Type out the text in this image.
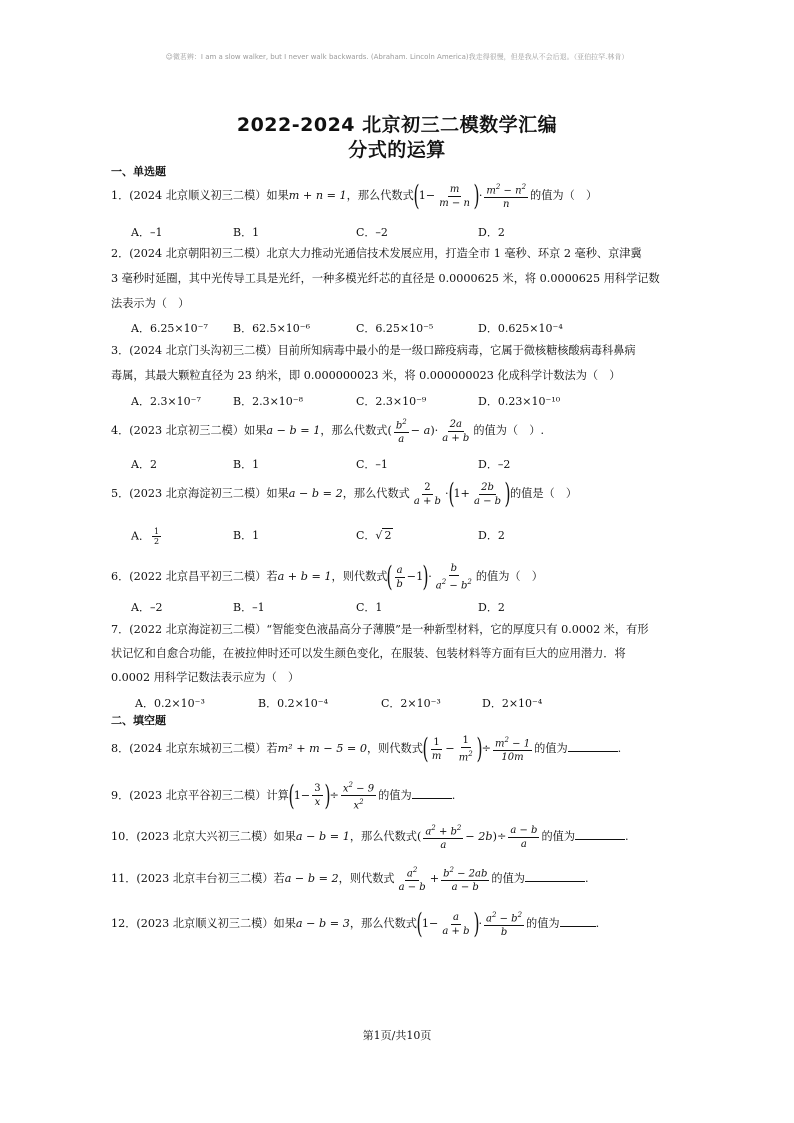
☺微茗辨：I am a slow walker, but I never walk backwards. (Abraham. Lincoln America)我走得很慢，但是我从不会后退。（亚伯拉罕.林肯）
2022-2024 北京初三二模数学汇编
分式的运算
一、单选题
1．(2024 北京顺义初三二模）如果m + n = 1，那么代数式($1- \frac{m}{m - n}$ )· $\frac{m^2 - n^2}{n}$ 的值为（　）
A．–1	B．1	C．–2	D．2
2．(2024 北京朝阳初三二模）北京大力推动光通信技术发展应用，打造全市 1 毫秒、环京 2 毫秒、京津冀
3 毫秒时延圈，其中光传导工具是光纤，一种多模光纤芯的直径是 0.0000625 米，将 0.0000625 用科学记数
法表示为（　）
A．6.25×10⁻⁷ B．62.5×10⁻⁶	C．6.25×10⁻⁵	D．0.625×10⁻⁴
3．(2024 北京门头沟初三二模）目前所知病毒中最小的是一级口蹄疫病毒，它属于微核糖核酸病毒科鼻病
毒属，其最大颗粒直径为 23 纳米，即 0.000000023 米，将 0.000000023 化成科学计数法为（　）
A．2.3×10⁻⁷	B．2.3×10⁻⁸	C．2.3×10⁻⁹	D．0.23×10⁻¹⁰
4．(2023 北京初三二模）如果a − b = 1，那么代数式( $\frac{b^2}{a} - a)\cdot \frac{2a}{a + b}$ 的值为（　）.
A．2	B．1	C．–1	D．–2
5．(2023 北京海淀初三二模）如果a − b = 2，那么代数式 $\frac{2}{a + b} \cdot(1+ \frac{2b}{a - b}$ )的值是（　）
A． $\frac{1}{2}$	B．1	C．√ 2	D．2
6．(2022 北京昌平初三二模）若a + b = 1，则代数式( $\frac{a}{b} -1)\cdot \frac{b}{a^2 - b^2}$ 的值为（　）
A．–2	B．–1	C．1	D．2
7．(2022 北京海淀初三二模）“智能变色液晶高分子薄膜”是一种新型材料，它的厚度只有 0.0002 米，有形
状记忆和自愈合功能，在被拉伸时还可以发生颜色变化，在服装、包装材料等方面有巨大的应用潜力．将
0.0002 用科学记数法表示应为（　）
A．0.2×10⁻³	B．0.2×10⁻⁴	C．2×10⁻³	D．2×10⁻⁴
二、填空题
8．(2024 北京东城初三二模）若m² + m − 5 = 0，则代数式( $\frac{1}{m} - \frac{1}{m^2}$ )÷ $\frac{m^2 - 1}{10m}$ 的值为	.
9．(2023 北京平谷初三二模）计算($1- \frac{3}{x}$ )÷ $\frac{x^2 - 9}{x^2}$ 的值为	.
10．(2023 北京大兴初三二模）如果a − b = 1，那么代数式( $\frac{a^2 + b^2}{a} - 2b)\div \frac{a - b}{a}$ 的值为	.
11．(2023 北京丰台初三二模）若a − b = 2，则代数式 $\frac{a^2}{a - b} + \frac{b^2 - 2ab}{a - b}$ 的值为	.
12．(2023 北京顺义初三二模）如果a − b = 3，那么代数式($1- \frac{a}{a + b}$ )· $\frac{a^2 - b^2}{b}$ 的值为	.
第1页/共10页
